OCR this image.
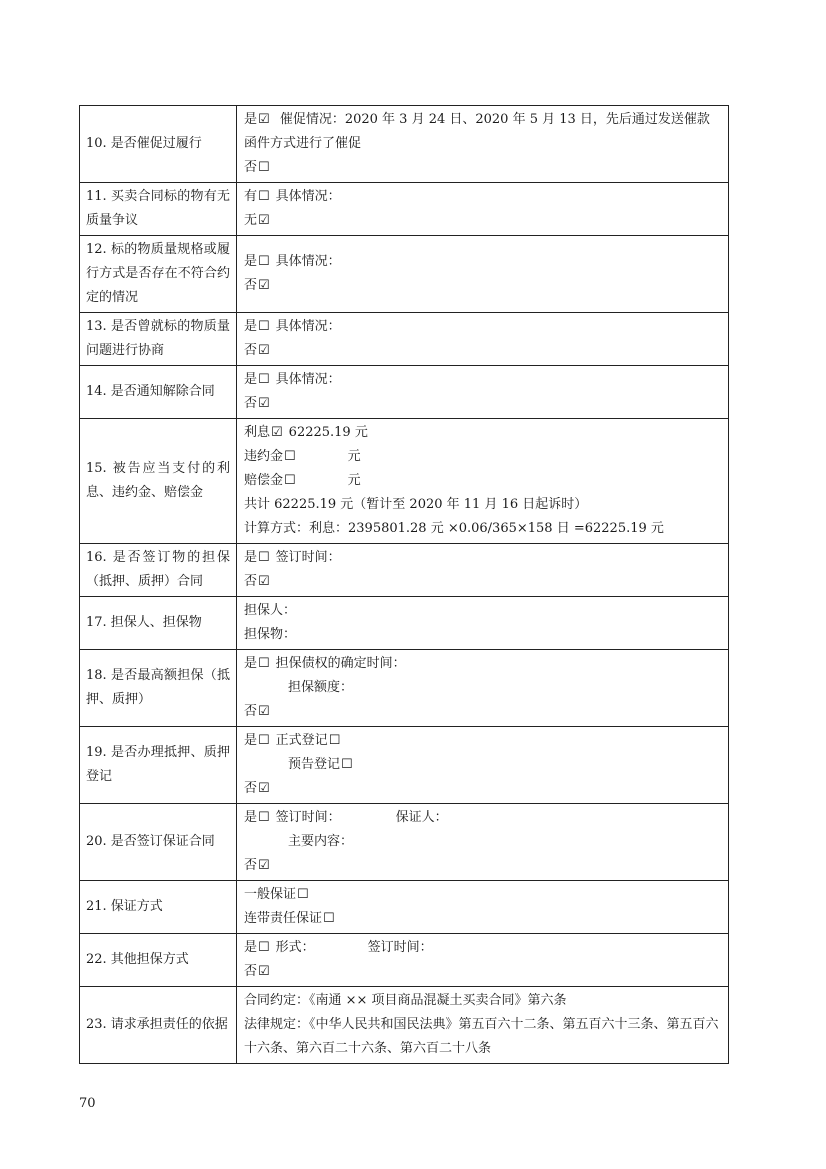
10. 是否催促过履行	是☑ 催促情况：2020 年 3 月 24 日、2020 年 5 月 13 日，先后通过发送催款函件方式进行了催促
否☐

11. 买卖合同标的物有无质量争议	有☐ 具体情况：
无☑

12. 标的物质量规格或履行方式是否存在不符合约定的情况	是☐ 具体情况：
否☑

13. 是否曾就标的物质量问题进行协商	是☐ 具体情况：
否☑

14. 是否通知解除合同	是☐ 具体情况：
否☑

15. 被告应当支付的利息、违约金、赔偿金	利息☑ 62225.19 元
违约金☐ 元
赔偿金☐ 元
共计 62225.19 元（暂计至 2020 年 11 月 16 日起诉时）
计算方式：利息：2395801.28 元 ×0.06/365×158 日 =62225.19 元

16. 是否签订物的担保（抵押、质押）合同	是☐ 签订时间：
否☑

17. 担保人、担保物	担保人：
担保物：

18. 是否最高额担保（抵押、质押）	是☐ 担保债权的确定时间：
担保额度：
否☑

19. 是否办理抵押、质押登记	是☐ 正式登记☐
预告登记☐
否☑

20. 是否签订保证合同	是☐ 签订时间： 保证人：
主要内容：
否☑

21. 保证方式	一般保证☐
连带责任保证☐

22. 其他担保方式	是☐ 形式： 签订时间：
否☑

23. 请求承担责任的依据	合同约定：《南通 ×× 项目商品混凝土买卖合同》第六条
法律规定：《中华人民共和国民法典》第五百六十二条、第五百六十三条、第五百六十六条、第六百二十六条、第六百二十八条
70
